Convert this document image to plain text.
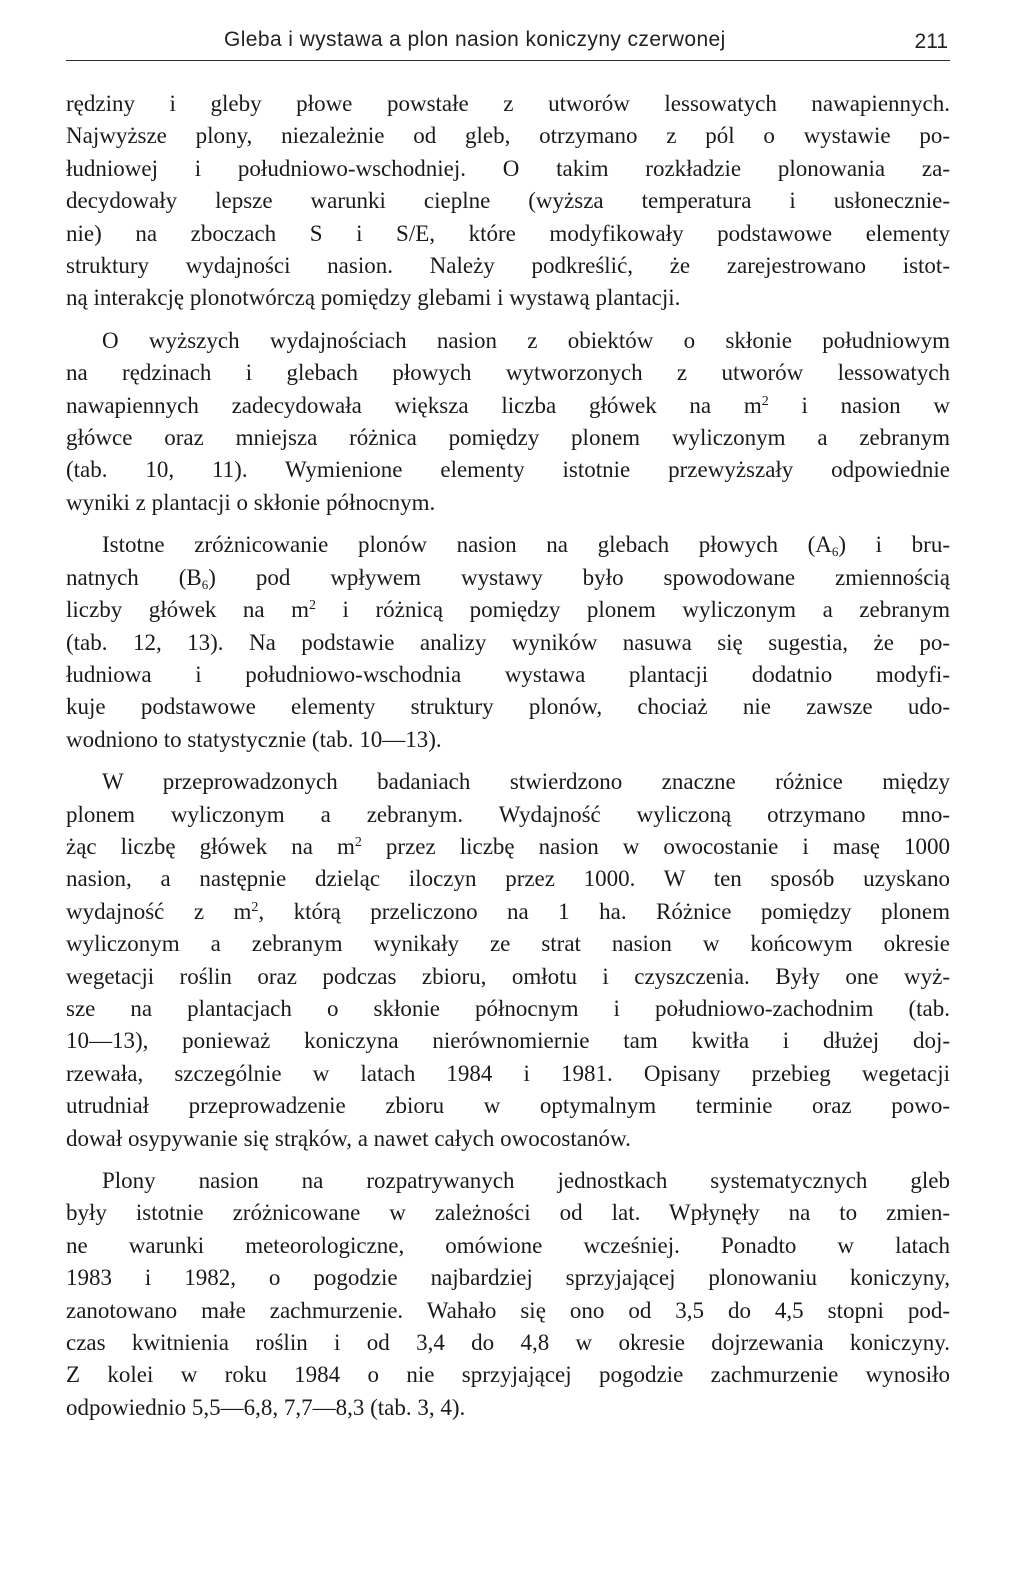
Gleba i wystawa a plon nasion koniczyny czerwonej	211

rędziny i gleby płowe powstałe z utworów lessowatych nawapiennych.
Najwyższe plony, niezależnie od gleb, otrzymano z pól o wystawie po-
łudniowej i południowo-wschodniej. O takim rozkładzie plonowania za-
decydowały lepsze warunki cieplne (wyższa temperatura i usłonecznie-
nie) na zboczach S i S/E, które modyfikowały podstawowe elementy
struktury wydajności nasion. Należy podkreślić, że zarejestrowano istot-
ną interakcję plonotwórczą pomiędzy glebami i wystawą plantacji.

O wyższych wydajnościach nasion z obiektów o skłonie południowym
na rędzinach i glebach płowych wytworzonych z utworów lessowatych
nawapiennych zadecydowała większa liczba główek na $m^2$ i nasion w
główce oraz mniejsza różnica pomiędzy plonem wyliczonym a zebranym
(tab. 10, 11). Wymienione elementy istotnie przewyższały odpowiednie
wyniki z plantacji o skłonie północnym.

Istotne zróżnicowanie plonów nasion na glebach płowych $(A_6)$ i bru-
natnych $(B_6)$ pod wpływem wystawy było spowodowane zmiennością
liczby główek na $m^2$ i różnicą pomiędzy plonem wyliczonym a zebranym
(tab. 12, 13). Na podstawie analizy wyników nasuwa się sugestia, że po-
łudniowa i południowo-wschodnia wystawa plantacji dodatnio modyfi-
kuje podstawowe elementy struktury plonów, chociaż nie zawsze udo-
wodniono to statystycznie (tab. 10—13).

W przeprowadzonych badaniach stwierdzono znaczne różnice między
plonem wyliczonym a zebranym. Wydajność wyliczoną otrzymano mno-
żąc liczbę główek na $m^2$ przez liczbę nasion w owocostanie i masę 1000
nasion, a następnie dzieląc iloczyn przez 1000. W ten sposób uzyskano
wydajność z $m^2$, którą przeliczono na 1 ha. Różnice pomiędzy plonem
wyliczonym a zebranym wynikały ze strat nasion w końcowym okresie
wegetacji roślin oraz podczas zbioru, omłotu i czyszczenia. Były one wyż-
sze na plantacjach o skłonie północnym i południowo-zachodnim (tab.
10—13), ponieważ koniczyna nierównomiernie tam kwitła i dłużej doj-
rzewała, szczególnie w latach 1984 i 1981. Opisany przebieg wegetacji
utrudniał przeprowadzenie zbioru w optymalnym terminie oraz powo-
dował osypywanie się strąków, a nawet całych owocostanów.

Plony nasion na rozpatrywanych jednostkach systematycznych gleb
były istotnie zróżnicowane w zależności od lat. Wpłynęły na to zmien-
ne warunki meteorologiczne, omówione wcześniej. Ponadto w latach
1983 i 1982, o pogodzie najbardziej sprzyjającej plonowaniu koniczyny,
zanotowano małe zachmurzenie. Wahało się ono od 3,5 do 4,5 stopni pod-
czas kwitnienia roślin i od 3,4 do 4,8 w okresie dojrzewania koniczyny.
Z kolei w roku 1984 o nie sprzyjającej pogodzie zachmurzenie wynosiło
odpowiednio 5,5—6,8, 7,7—8,3 (tab. 3, 4).
